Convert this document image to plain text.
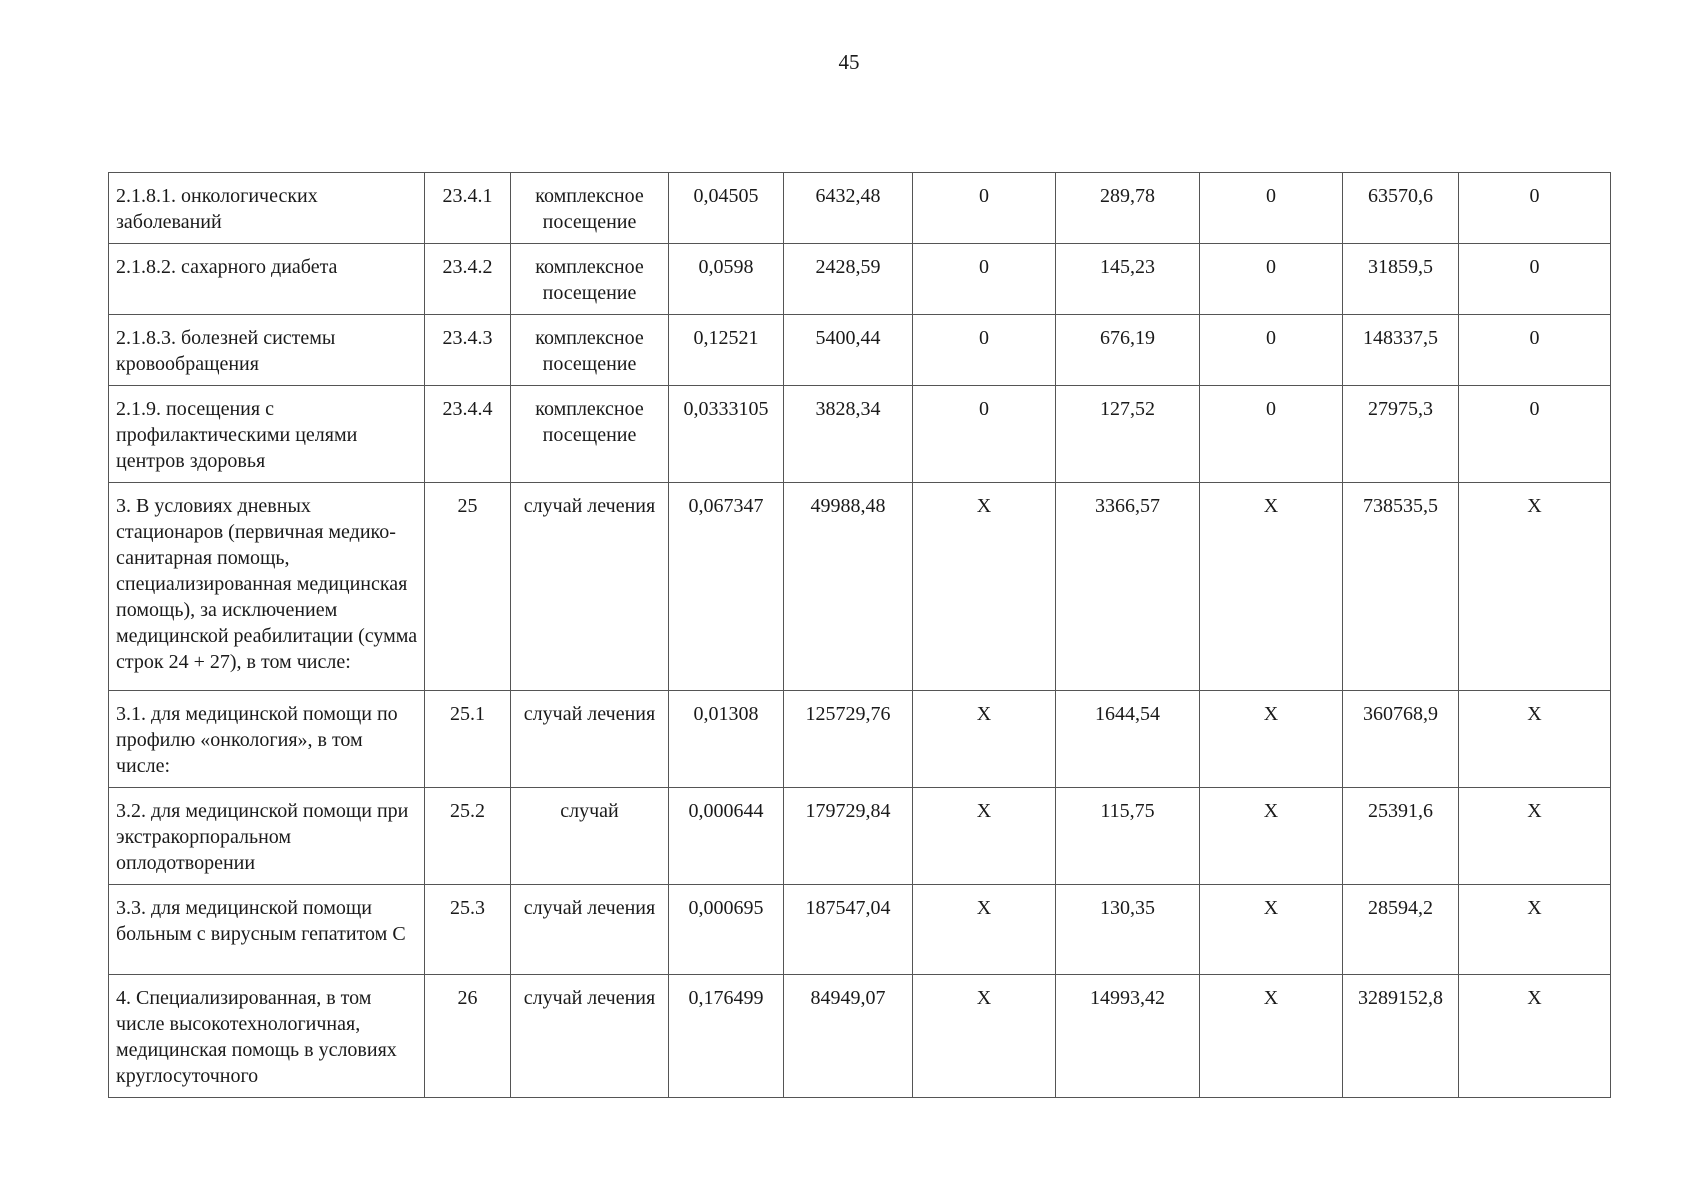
45
2.1.8.1. онкологических заболеваний	23.4.1	комплексное посещение	0,04505	6432,48	0	289,78	0	63570,6	0
2.1.8.2. сахарного диабета	23.4.2	комплексное посещение	0,0598	2428,59	0	145,23	0	31859,5	0
2.1.8.3. болезней системы кровообращения	23.4.3	комплексное посещение	0,12521	5400,44	0	676,19	0	148337,5	0
2.1.9. посещения с профилактическими целями центров здоровья	23.4.4	комплексное посещение	0,0333105	3828,34	0	127,52	0	27975,3	0
3. В условиях дневных стационаров (первичная медико-санитарная помощь, специализированная медицинская помощь), за исключением медицинской реабилитации (сумма строк 24 + 27), в том числе:	25	случай лечения	0,067347	49988,48	X	3366,57	X	738535,5	X
3.1. для медицинской помощи по профилю «онкология», в том числе:	25.1	случай лечения	0,01308	125729,76	X	1644,54	X	360768,9	X
3.2. для медицинской помощи при экстракорпоральном оплодотворении	25.2	случай	0,000644	179729,84	X	115,75	X	25391,6	X
3.3. для медицинской помощи больным с вирусным гепатитом С	25.3	случай лечения	0,000695	187547,04	X	130,35	X	28594,2	X
4. Специализированная, в том числе высокотехнологичная, медицинская помощь в условиях круглосуточного	26	случай лечения	0,176499	84949,07	X	14993,42	X	3289152,8	X
